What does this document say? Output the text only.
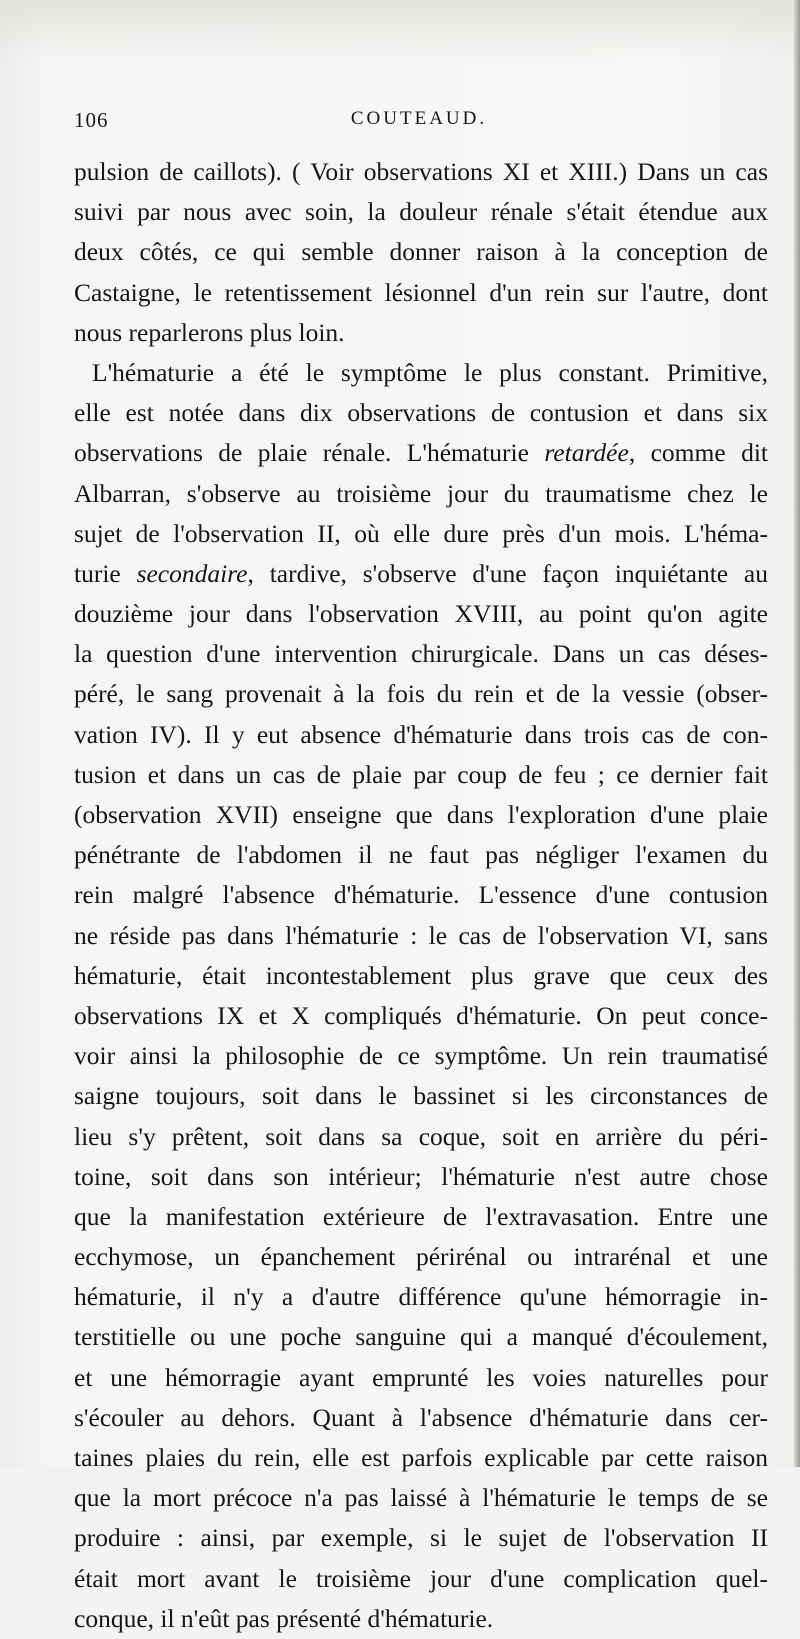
106	COUTEAUD.
pulsion de caillots). ( Voir observations XI et XIII.) Dans un cas
suivi par nous avec soin, la douleur rénale s'était étendue aux
deux côtés, ce qui semble donner raison à la conception de
Castaigne, le retentissement lésionnel d'un rein sur l'autre, dont
nous reparlerons plus loin.
L'hématurie a été le symptôme le plus constant. Primitive,
elle est notée dans dix observations de contusion et dans six
observations de plaie rénale. L'hématurie retardée, comme dit
Albarran, s'observe au troisième jour du traumatisme chez le
sujet de l'observation II, où elle dure près d'un mois. L'héma-
turie secondaire, tardive, s'observe d'une façon inquiétante au
douzième jour dans l'observation XVIII, au point qu'on agite
la question d'une intervention chirurgicale. Dans un cas déses-
péré, le sang provenait à la fois du rein et de la vessie (obser-
vation IV). Il y eut absence d'hématurie dans trois cas de con-
tusion et dans un cas de plaie par coup de feu ; ce dernier fait
(observation XVII) enseigne que dans l'exploration d'une plaie
pénétrante de l'abdomen il ne faut pas négliger l'examen du
rein malgré l'absence d'hématurie. L'essence d'une contusion
ne réside pas dans l'hématurie : le cas de l'observation VI, sans
hématurie, était incontestablement plus grave que ceux des
observations IX et X compliqués d'hématurie. On peut conce-
voir ainsi la philosophie de ce symptôme. Un rein traumatisé
saigne toujours, soit dans le bassinet si les circonstances de
lieu s'y prêtent, soit dans sa coque, soit en arrière du péri-
toine, soit dans son intérieur; l'hématurie n'est autre chose
que la manifestation extérieure de l'extravasation. Entre une
ecchymose, un épanchement périrénal ou intrarénal et une
hématurie, il n'y a d'autre différence qu'une hémorragie in-
terstitielle ou une poche sanguine qui a manqué d'écoulement,
et une hémorragie ayant emprunté les voies naturelles pour
s'écouler au dehors. Quant à l'absence d'hématurie dans cer-
taines plaies du rein, elle est parfois explicable par cette raison
que la mort précoce n'a pas laissé à l'hématurie le temps de se
produire : ainsi, par exemple, si le sujet de l'observation II
était mort avant le troisième jour d'une complication quel-
conque, il n'eût pas présenté d'hématurie.
